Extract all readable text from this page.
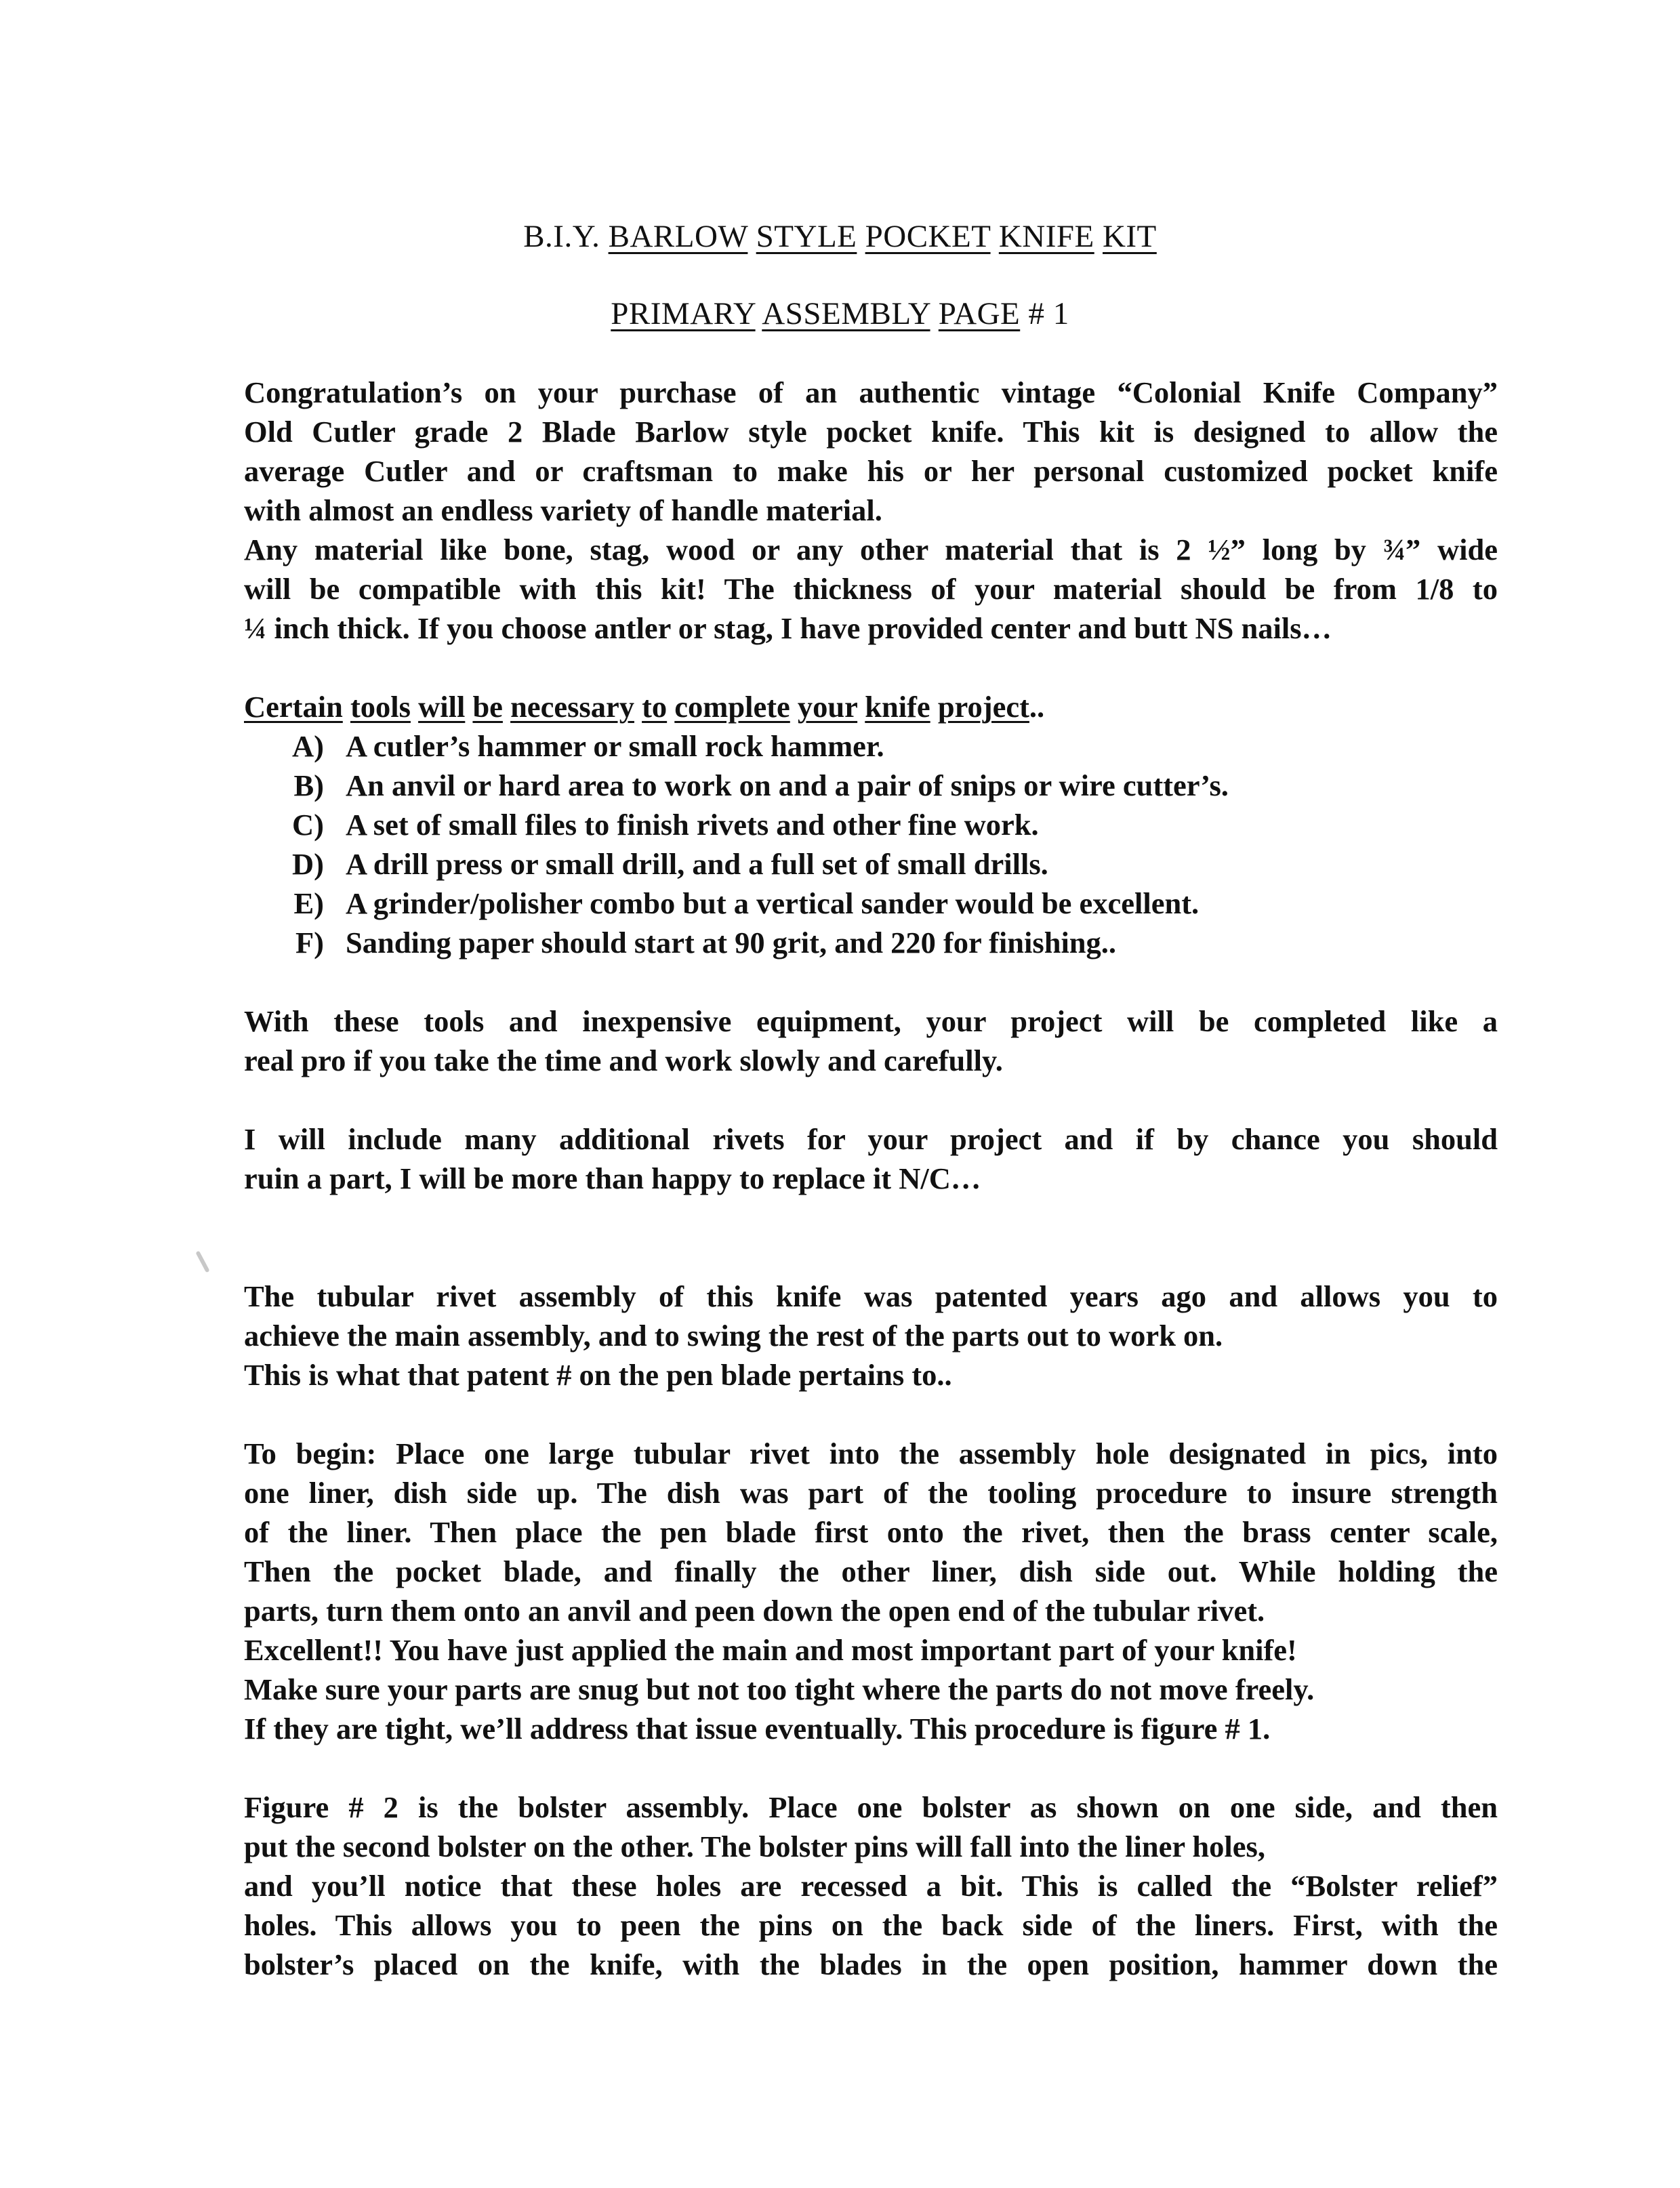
B.I.Y. BARLOW STYLE POCKET KNIFE KIT
PRIMARY ASSEMBLY PAGE # 1

Congratulation’s on your purchase of an authentic vintage “Colonial Knife Company”
Old Cutler grade 2 Blade Barlow style pocket knife. This kit is designed to allow the
average Cutler and or craftsman to make his or her personal customized pocket knife
with almost an endless variety of handle material.
Any material like bone, stag, wood or any other material that is 2 ½” long by ¾” wide
will be compatible with this kit! The thickness of your material should be from 1/8 to
¼ inch thick. If you choose antler or stag, I have provided center and butt NS nails…

Certain tools will be necessary to complete your knife project..

A) A cutler’s hammer or small rock hammer.
B) An anvil or hard area to work on and a pair of snips or wire cutter’s.
C) A set of small files to finish rivets and other fine work.
D) A drill press or small drill, and a full set of small drills.
E) A grinder/polisher combo but a vertical sander would be excellent.
F) Sanding paper should start at 90 grit, and 220 for finishing..

With these tools and inexpensive equipment, your project will be completed like a
real pro if you take the time and work slowly and carefully.

I will include many additional rivets for your project and if by chance you should
ruin a part, I will be more than happy to replace it N/C…

The tubular rivet assembly of this knife was patented years ago and allows you to
achieve the main assembly, and to swing the rest of the parts out to work on.
This is what that patent # on the pen blade pertains to..

To begin: Place one large tubular rivet into the assembly hole designated in pics, into
one liner, dish side up. The dish was part of the tooling procedure to insure strength
of the liner. Then place the pen blade first onto the rivet, then the brass center scale,
Then the pocket blade, and finally the other liner, dish side out. While holding the
parts, turn them onto an anvil and peen down the open end of the tubular rivet.
Excellent!! You have just applied the main and most important part of your knife!
Make sure your parts are snug but not too tight where the parts do not move freely.
If they are tight, we’ll address that issue eventually. This procedure is figure # 1.

Figure # 2 is the bolster assembly. Place one bolster as shown on one side, and then
put the second bolster on the other. The bolster pins will fall into the liner holes,
and you’ll notice that these holes are recessed a bit. This is called the “Bolster relief”
holes. This allows you to peen the pins on the back side of the liners. First, with the
bolster’s placed on the knife, with the blades in the open position, hammer down the
